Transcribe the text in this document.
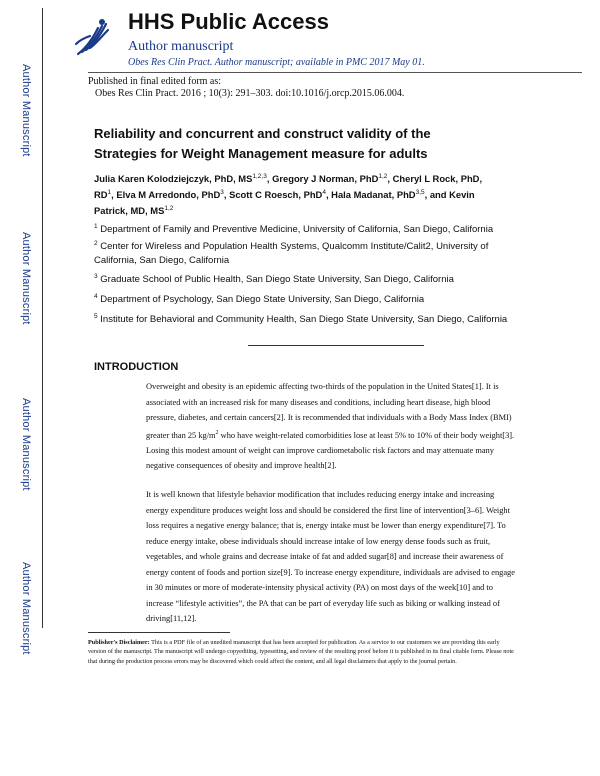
Author Manuscript
Author Manuscript
Author Manuscript
Author Manuscript
HHS Public Access
Author manuscript
Obes Res Clin Pract. Author manuscript; available in PMC 2017 May 01.
Published in final edited form as:
Obes Res Clin Pract. 2016 ; 10(3): 291–303. doi:10.1016/j.orcp.2015.06.004.
Reliability and concurrent and construct validity of the Strategies for Weight Management measure for adults

Julia Karen Kolodziejczyk, PhD, MS$^{1,2,3}$, Gregory J Norman, PhD$^{1,2}$, Cheryl L Rock, PhD, $RD^1$, Elva M Arredondo, PhD$^3$, Scott C Roesch, PhD$^4$, Hala Madanat, PhD$^{3,5}$, and Kevin Patrick, MD, MS$^{1,2}$

$^1$ Department of Family and Preventive Medicine, University of California, San Diego, California

$^2$ Center for Wireless and Population Health Systems, Qualcomm Institute/Calit2, University of California, San Diego, California

$^3$ Graduate School of Public Health, San Diego State University, San Diego, California

$^4$ Department of Psychology, San Diego State University, San Diego, California

$^5$ Institute for Behavioral and Community Health, San Diego State University, San Diego, California

INTRODUCTION

Overweight and obesity is an epidemic affecting two-thirds of the population in the United States[1]. It is associated with an increased risk for many diseases and conditions, including heart disease, high blood pressure, diabetes, and certain cancers[2]. It is recommended that individuals with a Body Mass Index (BMI) greater than 25 $kg/m^2$ who have weight-related comorbidities lose at least 5% to 10% of their body weight[3]. Losing this modest amount of weight can improve cardiometabolic risk factors and may attenuate many negative consequences of obesity and improve health[2].

It is well known that lifestyle behavior modification that includes reducing energy intake and increasing energy expenditure produces weight loss and should be considered the first line of intervention[3–6]. Weight loss requires a negative energy balance; that is, energy intake must be lower than energy expenditure[7]. To reduce energy intake, obese individuals should increase intake of low energy dense foods such as fruit, vegetables, and whole grains and decrease intake of fat and added sugar[8] and increase their awareness of energy content of foods and portion size[9]. To increase energy expenditure, individuals are advised to engage in 30 minutes or more of moderate-intensity physical activity (PA) on most days of the week[10] and to increase “lifestyle activities”, the PA that can be part of everyday life such as biking or walking instead of driving[11,12].

Publisher's Disclaimer: This is a PDF file of an unedited manuscript that has been accepted for publication. As a service to our customers we are providing this early version of the manuscript. The manuscript will undergo copyediting, typesetting, and review of the resulting proof before it is published in its final citable form. Please note that during the production process errors may be discovered which could affect the content, and all legal disclaimers that apply to the journal pertain.
